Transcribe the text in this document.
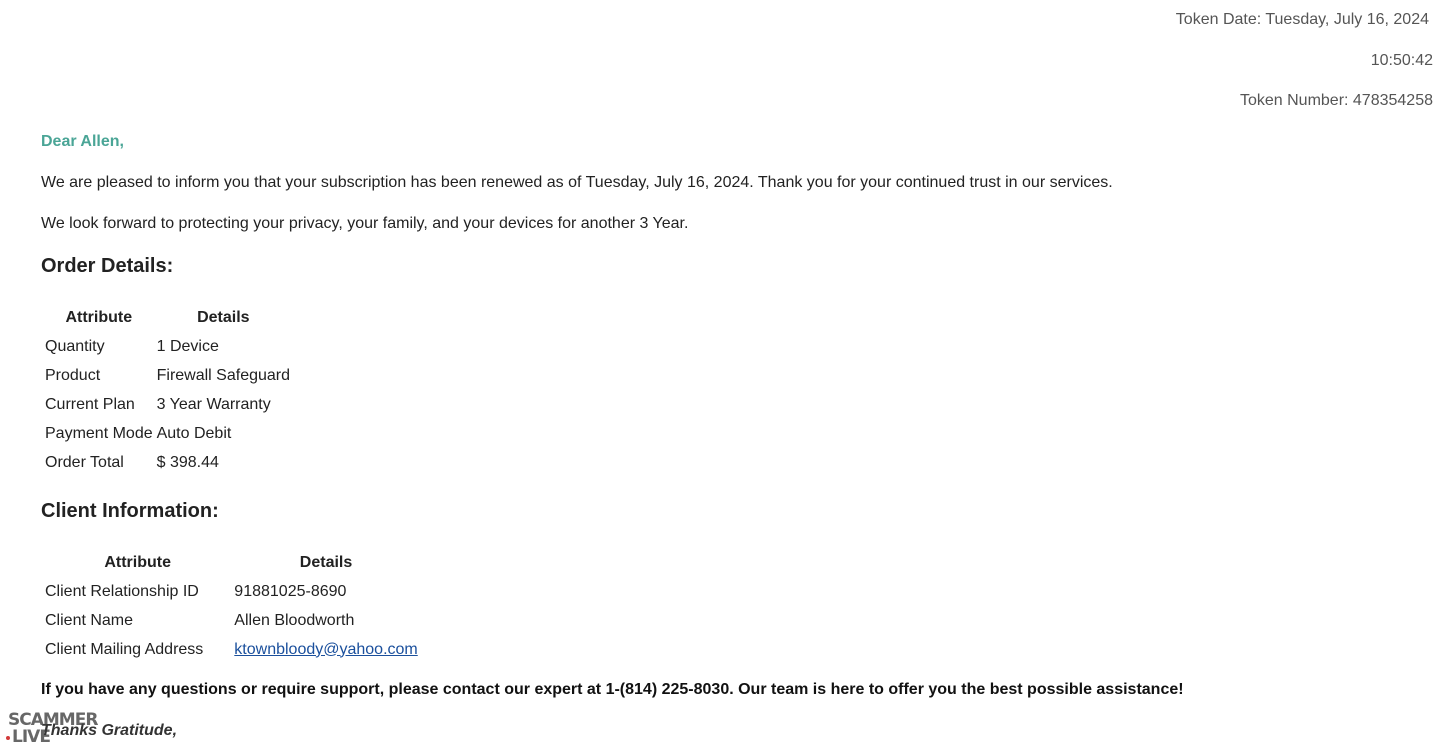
Token Date: Tuesday, July 16, 2024
10:50:42
Token Number: 478354258

Dear Allen,

We are pleased to inform you that your subscription has been renewed as of Tuesday, July 16, 2024. Thank you for your continued trust in our services.

We look forward to protecting your privacy, your family, and your devices for another 3 Year.

Order Details:
Attribute	Details
Quantity	1 Device
Product	Firewall Safeguard
Current Plan	3 Year Warranty
Payment Mode	Auto Debit
Order Total	$ 398.44
Client Information:
Attribute	Details
Client Relationship ID	91881025-8690
Client Name	Allen Bloodworth
Client Mailing Address	ktownbloody@yahoo.com

If you have any questions or require support, please contact our expert at 1-(814) 225-8030. Our team is here to offer you the best possible assistance!

Thanks Gratitude,

SCAMMER
LIVE
